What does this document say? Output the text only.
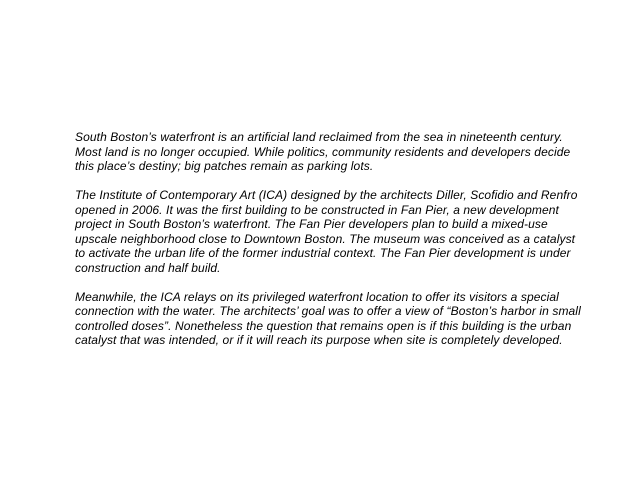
South Boston’s waterfront is an artificial land reclaimed from the sea in nineteenth century.
Most land is no longer occupied. While politics, community residents and developers decide
this place’s destiny; big patches remain as parking lots.
The Institute of Contemporary Art (ICA) designed by the architects Diller, Scofidio and Renfro
opened in 2006. It was the first building to be constructed in Fan Pier, a new development
project in South Boston’s waterfront. The Fan Pier developers plan to build a mixed-use
upscale neighborhood close to Downtown Boston. The museum was conceived as a catalyst
to activate the urban life of the former industrial context. The Fan Pier development is under
construction and half build.
Meanwhile, the ICA relays on its privileged waterfront location to offer its visitors a special
connection with the water. The architects’ goal was to offer a view of “Boston’s harbor in small
controlled doses”. Nonetheless the question that remains open is if this building is the urban
catalyst that was intended, or if it will reach its purpose when site is completely developed.
